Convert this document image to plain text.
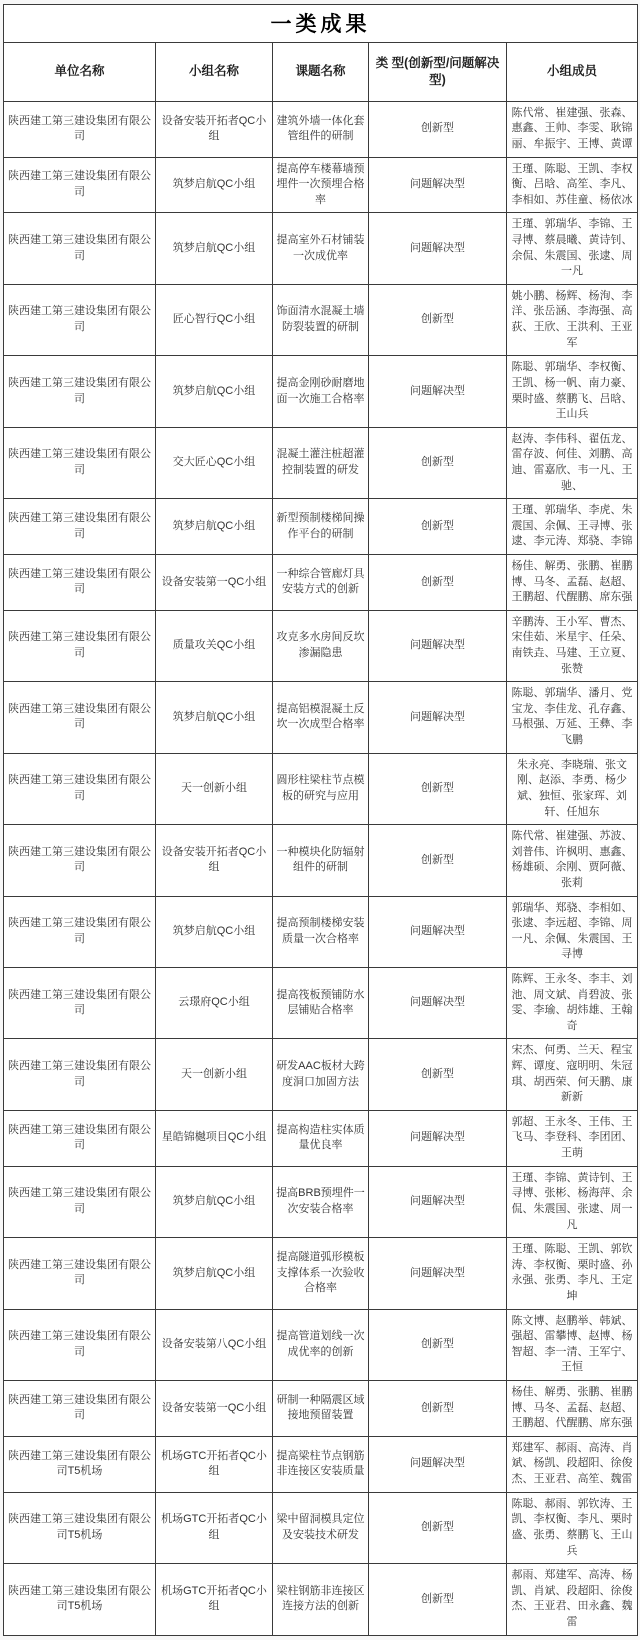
一类成果				
单位名称	小组名称	课题名称	类 型(创新型/问题解决型)	小组成员
陕西建工第三建设集团有限公司	设备安装开拓者QC小组	建筑外墙一体化套管组件的研制	创新型	陈代常、崔建强、张森、惠鑫、王帅、李雯、耿锦丽、牟振宇、王博、黄谭
陕西建工第三建设集团有限公司	筑梦启航QC小组	提高停车楼幕墙预埋件一次预埋合格率	问题解决型	王瑾、陈聪、王凯、李权衡、吕晗、高笙、李凡、李相如、苏佳童、杨依冰
陕西建工第三建设集团有限公司	筑梦启航QC小组	提高室外石材铺装一次成优率	问题解决型	王瑾、郭瑞华、李锦、王寻博、蔡晨曦、黄诗钊、余侃、朱震国、张逮、周一凡
陕西建工第三建设集团有限公司	匠心智行QC小组	饰面清水混凝土墙防裂装置的研制	创新型	姚小鹏、杨辉、杨洵、李洋、张岳涵、李海强、高荻、王欣、王洪利、王亚军
陕西建工第三建设集团有限公司	筑梦启航QC小组	提高金刚砂耐磨地面一次施工合格率	问题解决型	陈聪、郭瑞华、李权衡、王凯、杨一帆、南力豪、栗时盛、蔡鹏飞、吕晗、王山兵
陕西建工第三建设集团有限公司	交大匠心QC小组	混凝土灌注桩超灌控制装置的研发	创新型	赵涛、李伟科、翟伍龙、雷存波、何佳、刘鹏、高迪、雷嘉欣、韦一凡、王驰、
陕西建工第三建设集团有限公司	筑梦启航QC小组	新型预制楼梯间操作平台的研制	创新型	王瑾、郭瑞华、李虎、朱震国、余佩、王寻博、张逮、李元涛、郑骁、李锦
陕西建工第三建设集团有限公司	设备安装第一QC小组	一种综合管廊灯具安装方式的创新	创新型	杨佳、解勇、张鹏、崔鹏博、马冬、孟磊、赵超、王鹏超、代醒鹏、席东强
陕西建工第三建设集团有限公司	质量攻关QC小组	攻克多水房间反坎渗漏隐患	问题解决型	辛鹏涛、王小军、曹杰、宋佳茹、米星宇、任朵、南铁垚、马建、王立夏、张赞
陕西建工第三建设集团有限公司	筑梦启航QC小组	提高铝模混凝土反坎一次成型合格率	问题解决型	陈聪、郭瑞华、潘月、党宝龙、李佳龙、孔存鑫、马根强、万延、王彝、李飞鹏
陕西建工第三建设集团有限公司	天一创新小组	圆形柱梁柱节点模板的研究与应用	创新型	朱永亮、李晓瑞、张文刚、赵添、李勇、杨少斌、独恒、张家珲、刘轩、任旭东
陕西建工第三建设集团有限公司	设备安装开拓者QC小组	一种模块化防辐射组件的研制	创新型	陈代常、崔建强、苏波、刘普伟、许枫明、惠鑫、杨雄硕、余刚、贾阿薇、张莉
陕西建工第三建设集团有限公司	筑梦启航QC小组	提高预制楼梯安装质量一次合格率	问题解决型	郭瑞华、郑骁、李相如、张逮、李远超、李锦、周一凡、余佩、朱震国、王寻博
陕西建工第三建设集团有限公司	云璟府QC小组	提高筏板预铺防水层铺贴合格率	问题解决型	陈辉、王永冬、李丰、刘池、周文斌、肖碧波、张雯、李瑜、胡炜雄、王翰奇
陕西建工第三建设集团有限公司	天一创新小组	研发AAC板材大跨度洞口加固方法	创新型	宋杰、何勇、兰天、程宝辉、谭度、寇明明、朱冠琪、胡西荣、何天鹏、康新新
陕西建工第三建设集团有限公司	星皓锦樾项目QC小组	提高构造柱实体质量优良率	问题解决型	郭超、王永冬、王伟、王飞马、李登科、李团团、王萌
陕西建工第三建设集团有限公司	筑梦启航QC小组	提高BRB预埋件一次安装合格率	问题解决型	王瑾、李锦、黄诗钊、王寻博、张彬、杨海萍、余侃、朱震国、张逮、周一凡
陕西建工第三建设集团有限公司	筑梦启航QC小组	提高隧道弧形模板支撑体系一次验收合格率	问题解决型	王瑾、陈聪、王凯、郭钦涛、李权衡、栗时盛、孙永强、张勇、李凡、王定坤
陕西建工第三建设集团有限公司	设备安装第八QC小组	提高管道划线一次成优率的创新	创新型	陈文博、赵鹏举、韩斌、强超、雷攀博、赵博、杨智超、李一清、王军宁、王恒
陕西建工第三建设集团有限公司	设备安装第一QC小组	研制一种隔震区域接地预留装置	创新型	杨佳、解勇、张鹏、崔鹏博、马冬、孟磊、赵超、王鹏超、代醒鹏、席东强
陕西建工第三建设集团有限公司T5机场	机场GTC开拓者QC小组	提高梁柱节点钢筋非连接区安装质量	问题解决型	郑建军、郝雨、高涛、肖斌、杨凯、段超阳、徐俊杰、王亚君、高笙、魏雷
陕西建工第三建设集团有限公司T5机场	机场GTC开拓者QC小组	梁中留洞模具定位及安装技术研发	创新型	陈聪、郝雨、郭钦涛、王凯、李权衡、李凡、栗时盛、张勇、蔡鹏飞、王山兵
陕西建工第三建设集团有限公司T5机场	机场GTC开拓者QC小组	梁柱钢筋非连接区连接方法的创新	创新型	郝雨、郑建军、高涛、杨凯、肖斌、段超阳、徐俊杰、王亚君、田永鑫、魏雷
